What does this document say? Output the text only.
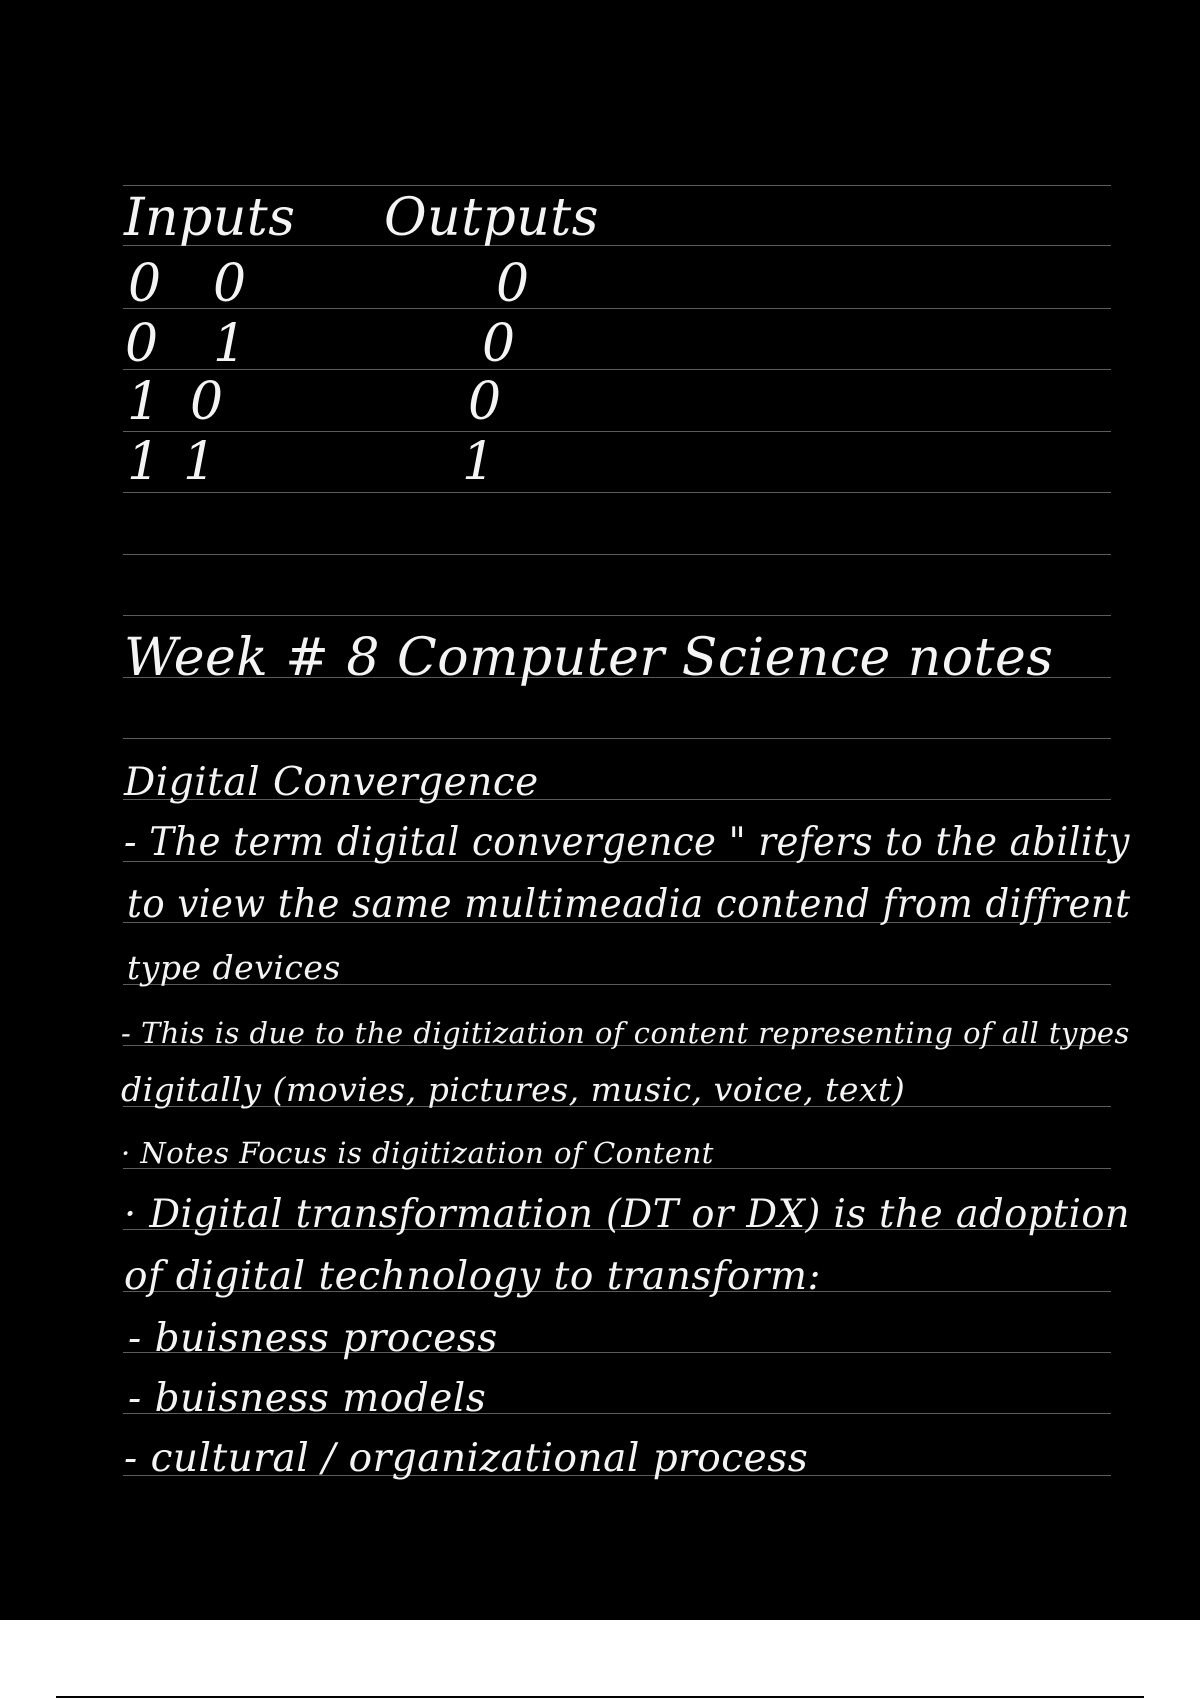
Inputs Outputs
0 0	0
0 1	0
1 0	0
1 1	1
Week # 8 Computer Science notes
Digital Convergence
- The term digital convergence " refers to the ability
to view the same multimeadia contend from diffrent
type devices
- This is due to the digitization of content representing of all types
digitally (movies, pictures, music, voice, text)
· Notes Focus is digitization of Content
· Digital transformation (DT or DX) is the adoption
of digital technology to transform:
- buisness process
- buisness models
- cultural / organizational process
